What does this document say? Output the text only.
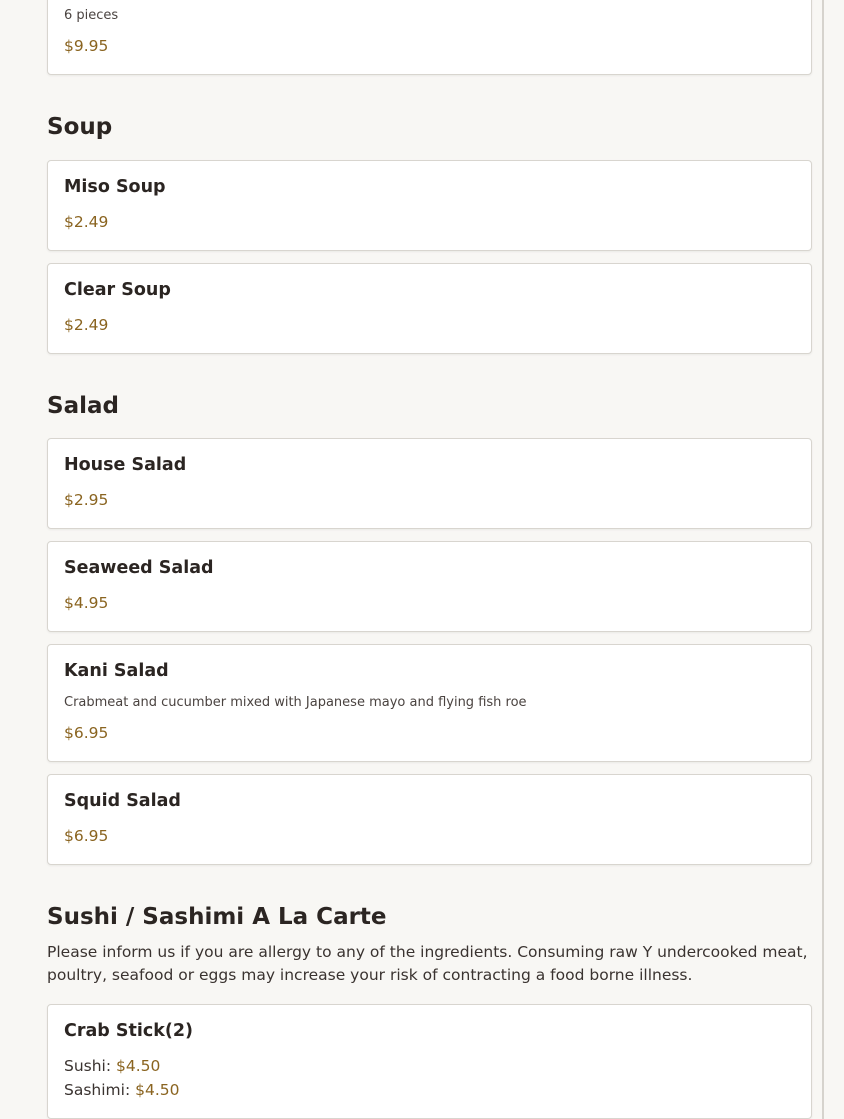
6 pieces
$9.95
Soup
Miso Soup
$2.49
Clear Soup
$2.49
Salad
House Salad
$2.95
Seaweed Salad
$4.95
Kani Salad
Crabmeat and cucumber mixed with Japanese mayo and flying fish roe
$6.95
Squid Salad
$6.95
Sushi / Sashimi A La Carte
Please inform us if you are allergy to any of the ingredients. Consuming raw Y undercooked meat, poultry, seafood or eggs may increase your risk of contracting a food borne illness.
Crab Stick(2)
Sushi: $4.50
Sashimi: $4.50
